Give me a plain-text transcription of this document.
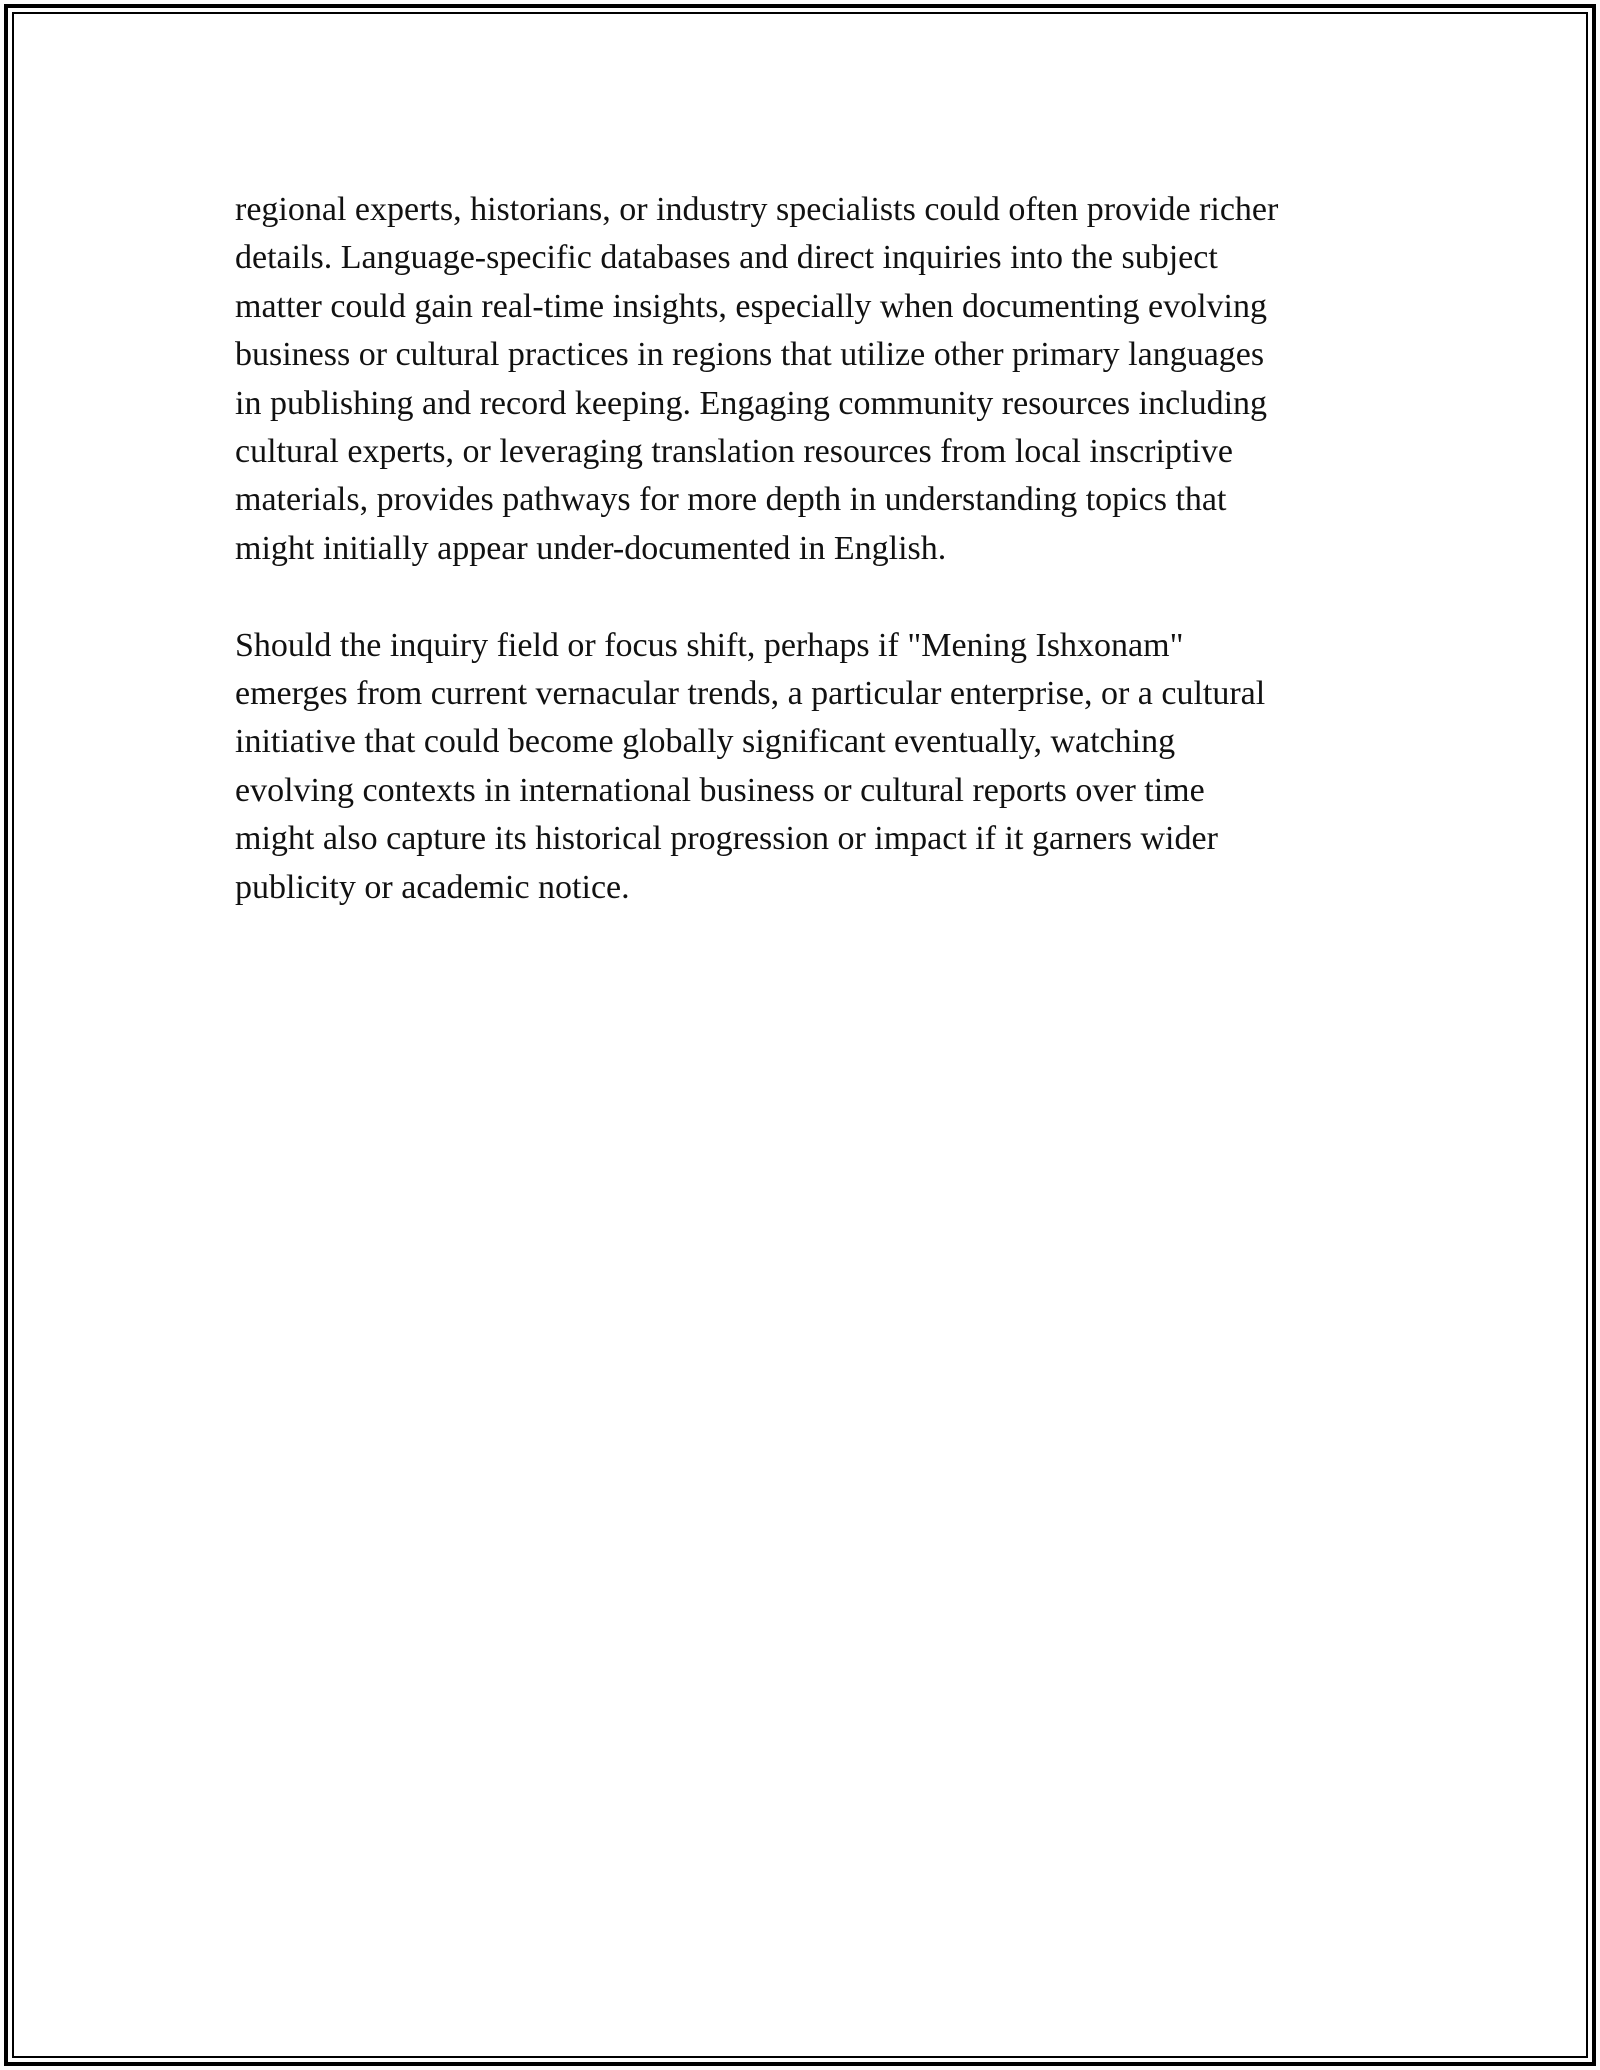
regional experts, historians, or industry specialists could often provide richer
details. Language-specific databases and direct inquiries into the subject
matter could gain real-time insights, especially when documenting evolving
business or cultural practices in regions that utilize other primary languages
in publishing and record keeping. Engaging community resources including
cultural experts, or leveraging translation resources from local inscriptive
materials, provides pathways for more depth in understanding topics that
might initially appear under-documented in English.

Should the inquiry field or focus shift, perhaps if "Mening Ishxonam"
emerges from current vernacular trends, a particular enterprise, or a cultural
initiative that could become globally significant eventually, watching
evolving contexts in international business or cultural reports over time
might also capture its historical progression or impact if it garners wider
publicity or academic notice.
